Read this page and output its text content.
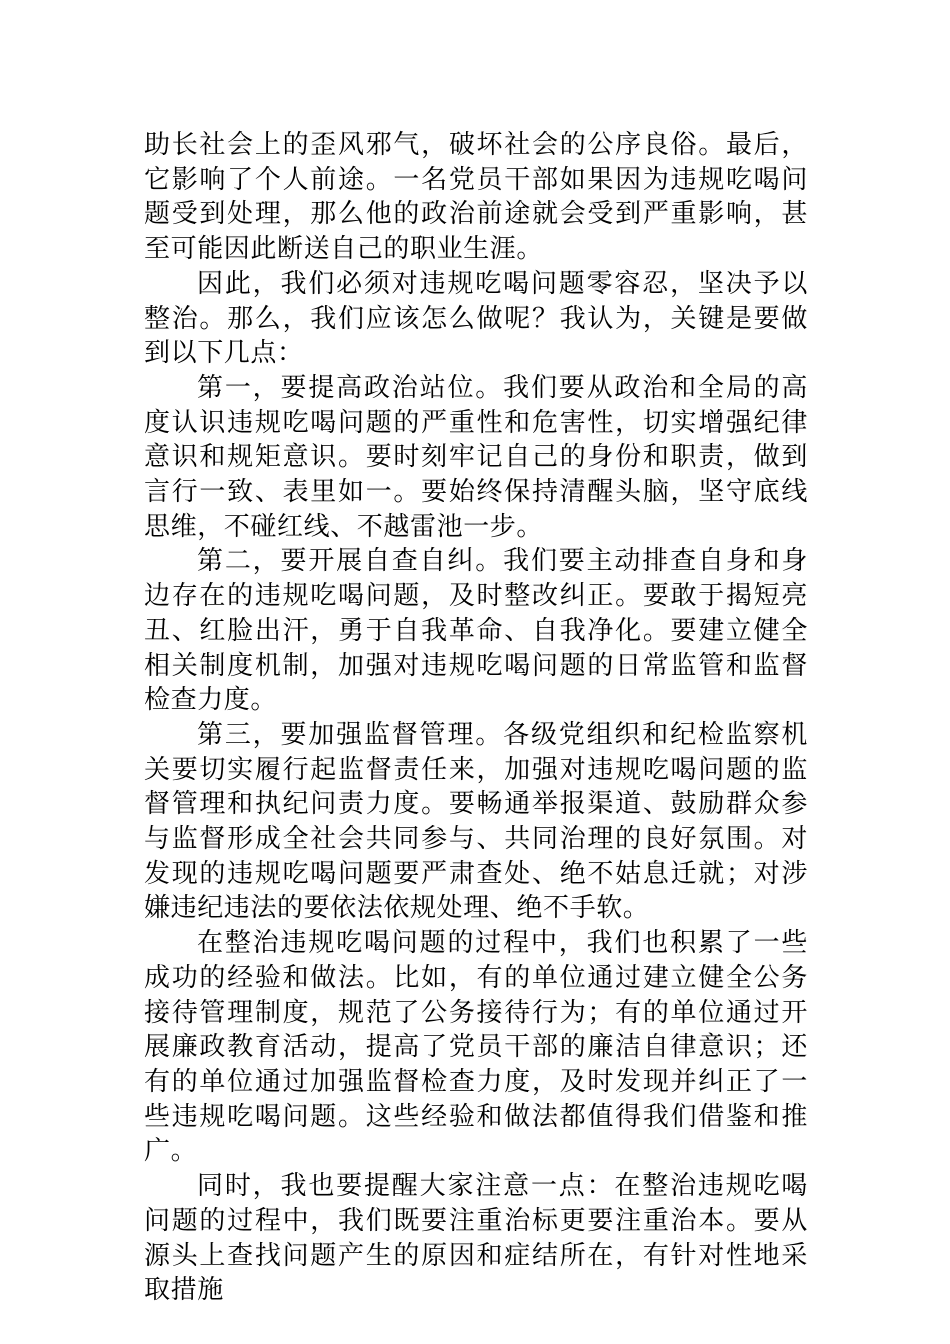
助长社会上的歪风邪气，破坏社会的公序良俗。最后，它影响了个人前途。一名党员干部如果因为违规吃喝问题受到处理，那么他的政治前途就会受到严重影响，甚至可能因此断送自己的职业生涯。

因此，我们必须对违规吃喝问题零容忍，坚决予以整治。那么，我们应该怎么做呢？我认为，关键是要做到以下几点：

第一，要提高政治站位。我们要从政治和全局的高度认识违规吃喝问题的严重性和危害性，切实增强纪律意识和规矩意识。要时刻牢记自己的身份和职责，做到言行一致、表里如一。要始终保持清醒头脑，坚守底线思维，不碰红线、不越雷池一步。

第二，要开展自查自纠。我们要主动排查自身和身边存在的违规吃喝问题，及时整改纠正。要敢于揭短亮丑、红脸出汗，勇于自我革命、自我净化。要建立健全相关制度机制，加强对违规吃喝问题的日常监管和监督检查力度。

第三，要加强监督管理。各级党组织和纪检监察机关要切实履行起监督责任来，加强对违规吃喝问题的监督管理和执纪问责力度。要畅通举报渠道、鼓励群众参与监督形成全社会共同参与、共同治理的良好氛围。对发现的违规吃喝问题要严肃查处、绝不姑息迁就；对涉嫌违纪违法的要依法依规处理、绝不手软。

在整治违规吃喝问题的过程中，我们也积累了一些成功的经验和做法。比如，有的单位通过建立健全公务接待管理制度，规范了公务接待行为；有的单位通过开展廉政教育活动，提高了党员干部的廉洁自律意识；还有的单位通过加强监督检查力度，及时发现并纠正了一些违规吃喝问题。这些经验和做法都值得我们借鉴和推广。

同时，我也要提醒大家注意一点：在整治违规吃喝问题的过程中，我们既要注重治标更要注重治本。要从源头上查找问题产生的原因和症结所在，有针对性地采取措施
